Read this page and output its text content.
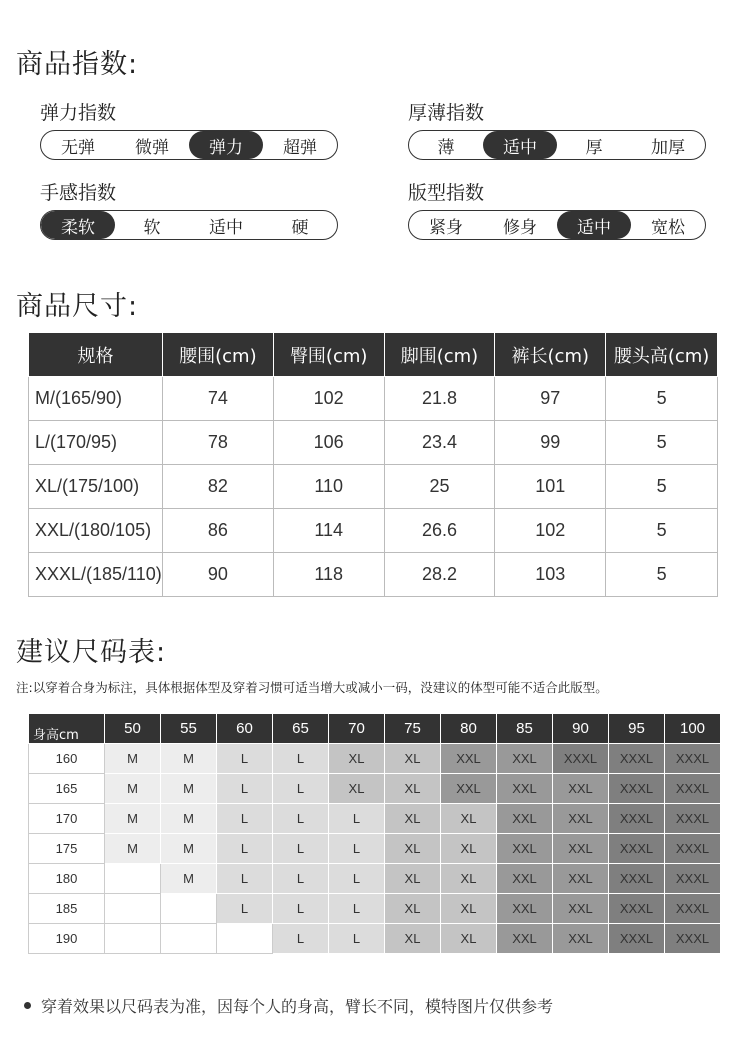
商品指数:
弹力指数
无弹	微弹	弹力	超弹
厚薄指数
薄	适中	厚	加厚
手感指数
柔软	软	适中	硬
版型指数
紧身	修身	适中	宽松
商品尺寸:
规格	腰围(cm)	臀围(cm)	脚围(cm)	裤长(cm)	腰头高(cm)
M/(165/90)	74	102	21.8	97	5
L/(170/95)	78	106	23.4	99	5
XL/(175/100)	82	110	25	101	5
XXL/(180/105)	86	114	26.6	102	5
XXXL/(185/110)	90	118	28.2	103	5
建议尺码表:
注:以穿着合身为标注，具体根据体型及穿着习惯可适当增大或减小一码，没建议的体型可能不适合此版型。
身高cm	50	55	60	65	70	75	80	85	90	95	100
160	M	M	L	L	XL	XL	XXL	XXL	XXXL	XXXL	XXXL
165	M	M	L	L	XL	XL	XXL	XXL	XXL	XXXL	XXXL
170	M	M	L	L	L	XL	XL	XXL	XXL	XXXL	XXXL
175	M	M	L	L	L	XL	XL	XXL	XXL	XXXL	XXXL
180		M	L	L	L	XL	XL	XXL	XXL	XXXL	XXXL
185			L	L	L	XL	XL	XXL	XXL	XXXL	XXXL
190				L	L	XL	XL	XXL	XXL	XXXL	XXXL
穿着效果以尺码表为准，因每个人的身高，臂长不同，模特图片仅供参考
